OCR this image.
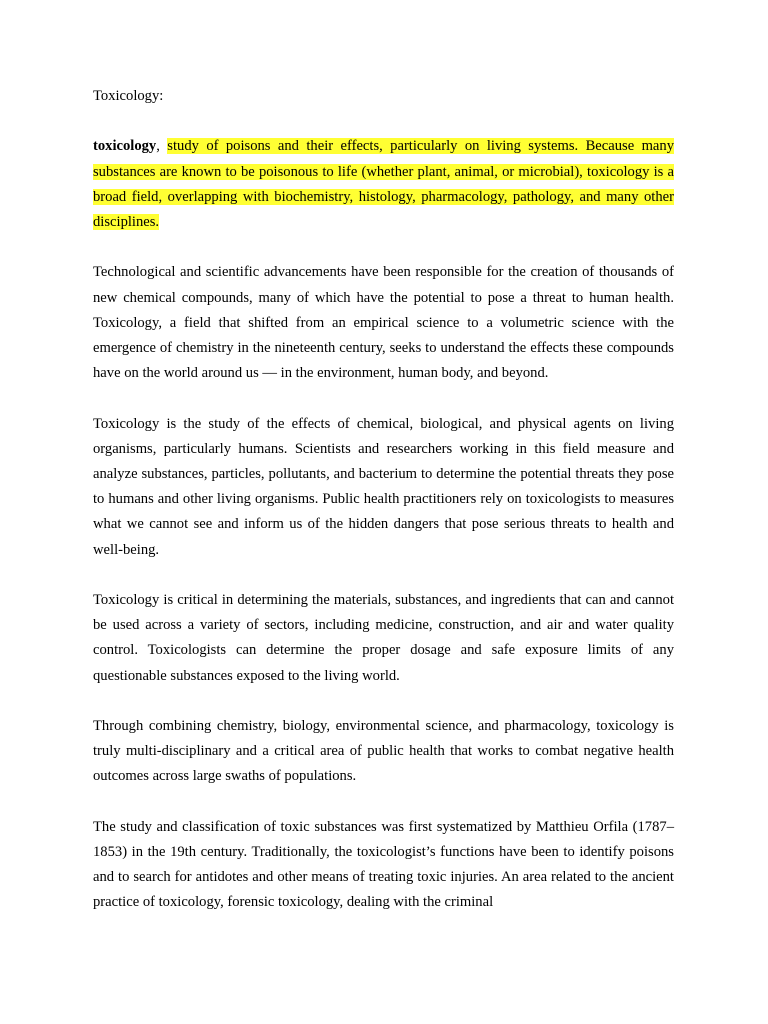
Toxicology:

toxicology, study of poisons and their effects, particularly on living systems. Because many substances are known to be poisonous to life (whether plant, animal, or microbial), toxicology is a broad field, overlapping with biochemistry, histology, pharmacology, pathology, and many other disciplines.

Technological and scientific advancements have been responsible for the creation of thousands of new chemical compounds, many of which have the potential to pose a threat to human health. Toxicology, a field that shifted from an empirical science to a volumetric science with the emergence of chemistry in the nineteenth century, seeks to understand the effects these compounds have on the world around us — in the environment, human body, and beyond.

Toxicology is the study of the effects of chemical, biological, and physical agents on living organisms, particularly humans. Scientists and researchers working in this field measure and analyze substances, particles, pollutants, and bacterium to determine the potential threats they pose to humans and other living organisms. Public health practitioners rely on toxicologists to measures what we cannot see and inform us of the hidden dangers that pose serious threats to health and well-being.

Toxicology is critical in determining the materials, substances, and ingredients that can and cannot be used across a variety of sectors, including medicine, construction, and air and water quality control. Toxicologists can determine the proper dosage and safe exposure limits of any questionable substances exposed to the living world.

Through combining chemistry, biology, environmental science, and pharmacology, toxicology is truly multi-disciplinary and a critical area of public health that works to combat negative health outcomes across large swaths of populations.

The study and classification of toxic substances was first systematized by Matthieu Orfila (1787–1853) in the 19th century. Traditionally, the toxicologist’s functions have been to identify poisons and to search for antidotes and other means of treating toxic injuries. An area related to the ancient practice of toxicology, forensic toxicology, dealing with the criminal
